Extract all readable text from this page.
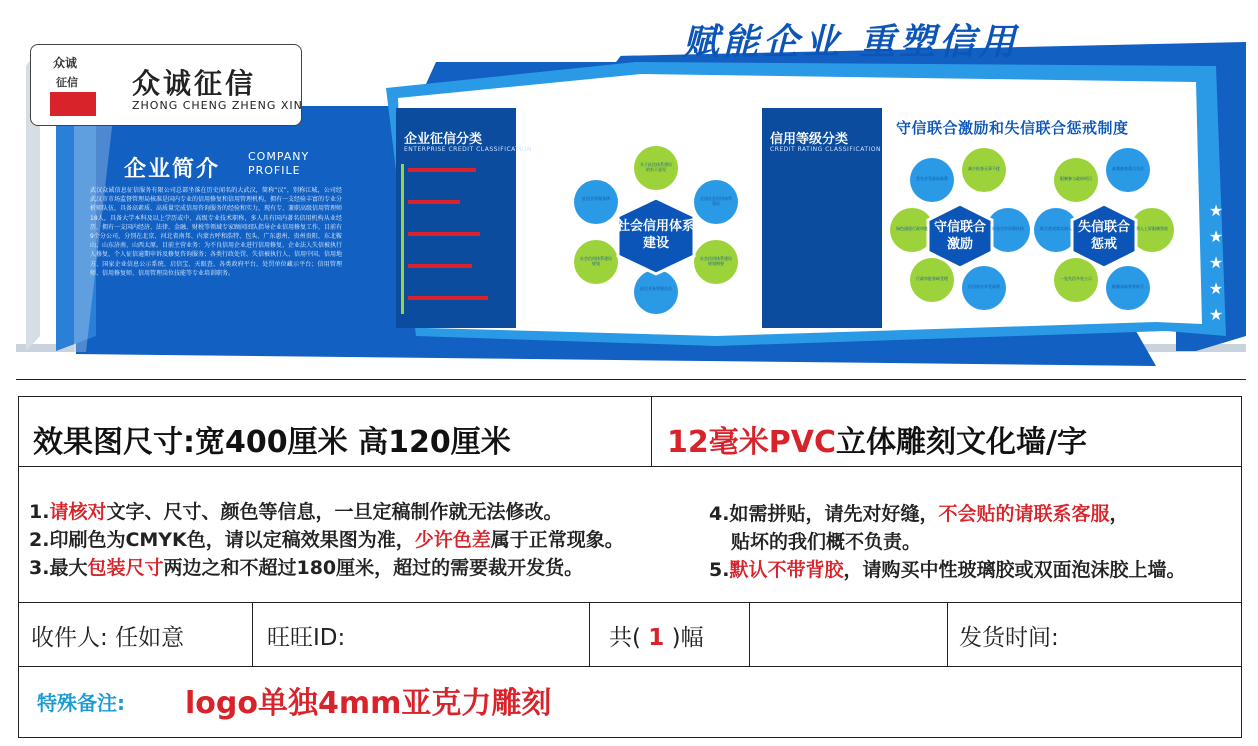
赋能企业 重塑信用
众诚
征信 众诚征信
ZHONG CHENG ZHENG XIN
企业简介
COMPANY
PROFILE
武汉众诚信息征信服务有限公司总部坐落在历史闻名的大武汉，简称“汉”，别称江城，公司经武汉市市场监督管理局核准是国内专业的信用修复和信用管理机构，拥有一支经验丰富的专业分析师队伍，具备高素质、高质量完成信用咨询服务的经验和实力，现有专、兼职高级信用管理师18人，具备大学本科及以上学历或中、高级专业技术职称，多人具有国内著名信用机构从业经历，拥有一支国内经济、法律、金融、财税等领域专家顾问团队指导企业信用修复工作，目前有9个分公司，分别在北京、河北省南邦、内蒙古呼和浩特、包头、广东惠州、贵州贵阳、东北鞍山、山东济南、山西太原。目前主营业务：为不良信用企业进行信用修复、企业法人失信被执行人修复、个人征信逾期申诉及修复咨询服务；各类行政处罚、失信被执行人、信用中国、信用地方、国家企业信息公示系统、启信宝、天眼查、各类政府平台、处罚单位藏示平台；信用管理师、信用修复师、信用管理岗位技能等专业培训职务。
企业征信分类
ENTERPRISE CREDIT CLASSIFICATION
社会信用体系建设
关于征信体系建设的若干意见
全国社会信用体系建设
征信业管理条例
社会信用体系建设规划纲要
社会信用体系建设规划
征信业务管理办法
信用等级分类
CREDIT RATING CLASSIFICATION
守信联合激励和失信联合惩戒制度
守信联合激励
优先享受政府政策
减少检查无事不扰
绿色通道行政审批	资金合作资源扶持
行政审批容缺受理
信用加分享受福利
失信联合惩戒
限制参与政府项目
高频抽查重点关注
联合惩戒落实到人	列入上诉限制贷款
一处失信多处公示
限制获取荣誉称号
★
★
★
★
★
效果图尺寸:宽400厘米 高120厘米	12毫米PVC立体雕刻文化墙/字
1.请核对文字、尺寸、颜色等信息，一旦定稿制作就无法修改。
2.印刷色为CMYK色，请以定稿效果图为准，少许色差属于正常现象。
3.最大包装尺寸两边之和不超过180厘米，超过的需要裁开发货。
4.如需拼贴，请先对好缝，不会贴的请联系客服，
贴坏的我们概不负责。
5.默认不带背胶，请购买中性玻璃胶或双面泡沫胶上墙。
收件人: 任如意	旺旺ID:	共( 1 )幅	发货时间:
特殊备注: logo单独4mm亚克力雕刻
